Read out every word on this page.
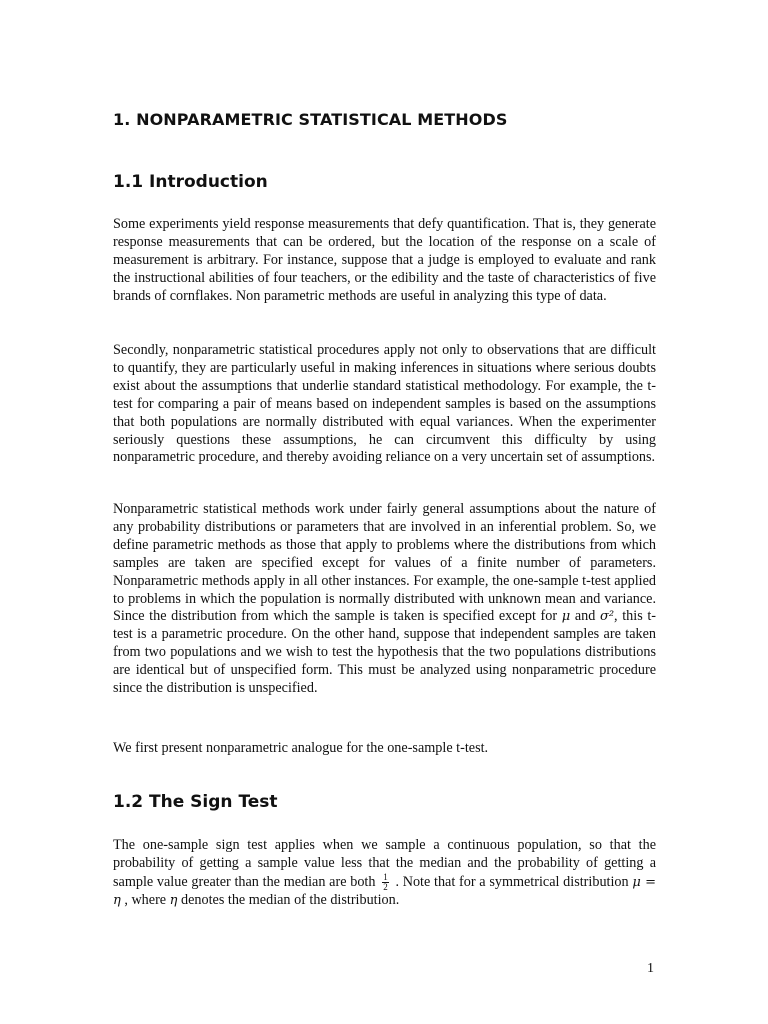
1. NONPARAMETRIC STATISTICAL METHODS
1.1 Introduction
Some experiments yield response measurements that defy quantification. That is, they generate response measurements that can be ordered, but the location of the response on a scale of measurement is arbitrary. For instance, suppose that a judge is employed to evaluate and rank the instructional abilities of four teachers, or the edibility and the taste of characteristics of five brands of cornflakes. Non parametric methods are useful in analyzing this type of data.
Secondly, nonparametric statistical procedures apply not only to observations that are difficult to quantify, they are particularly useful in making inferences in situations where serious doubts exist about the assumptions that underlie standard statistical methodology. For example, the t-test for comparing a pair of means based on independent samples is based on the assumptions that both populations are normally distributed with equal variances. When the experimenter seriously questions these assumptions, he can circumvent this difficulty by using nonparametric procedure, and thereby avoiding reliance on a very uncertain set of assumptions.
Nonparametric statistical methods work under fairly general assumptions about the nature of any probability distributions or parameters that are involved in an inferential problem. So, we define parametric methods as those that apply to problems where the distributions from which samples are taken are specified except for values of a finite number of parameters. Nonparametric methods apply in all other instances. For example, the one-sample t-test applied to problems in which the population is normally distributed with unknown mean and variance. Since the distribution from which the sample is taken is specified except for μ and σ², this t-test is a parametric procedure. On the other hand, suppose that independent samples are taken from two populations and we wish to test the hypothesis that the two populations distributions are identical but of unspecified form. This must be analyzed using nonparametric procedure since the distribution is unspecified.
We first present nonparametric analogue for the one-sample t-test.
1.2 The Sign Test
The one-sample sign test applies when we sample a continuous population, so that the probability of getting a sample value less that the median and the probability of getting a sample value greater than the median are both $\frac{1}{2}$ . Note that for a symmetrical distribution μ = η , where η denotes the median of the distribution.
1
